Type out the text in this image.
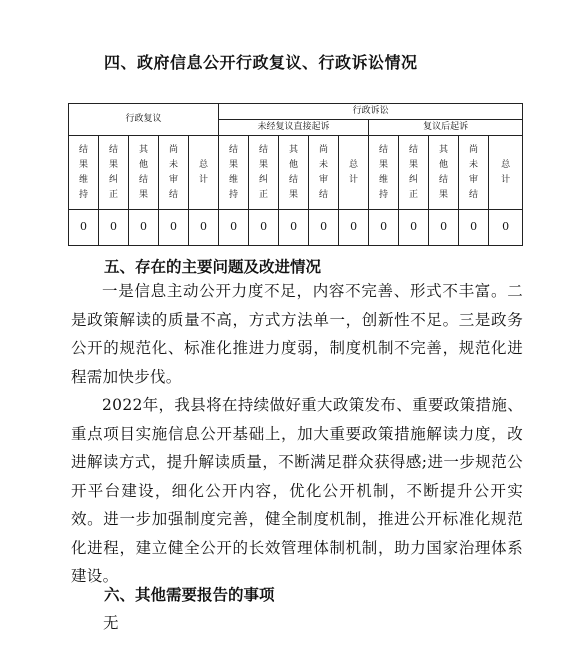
四、政府信息公开行政复议、行政诉讼情况
行政复议					行政诉讼									
					未经复议直接起诉					复议后起诉				
结果维持	结果纠正	其他结果	尚未审结	总计	结果维持	结果纠正	其他结果	尚未审结	总计	结果维持	结果纠正	其他结果	尚未审结	总计
0	0	0	0	0	0	0	0	0	0	0	0	0	0	0
五、存在的主要问题及改进情况
一是信息主动公开力度不足，内容不完善、形式不丰富。二是政策解读的质量不高，方式方法单一，创新性不足。三是政务公开的规范化、标准化推进力度弱，制度机制不完善，规范化进程需加快步伐。
2022年，我县将在持续做好重大政策发布、重要政策措施、重点项目实施信息公开基础上，加大重要政策措施解读力度，改进解读方式，提升解读质量，不断满足群众获得感;进一步规范公开平台建设，细化公开内容，优化公开机制，不断提升公开实效。进一步加强制度完善，健全制度机制，推进公开标准化规范化进程，建立健全公开的长效管理体制机制，助力国家治理体系建设。
六、其他需要报告的事项
无
